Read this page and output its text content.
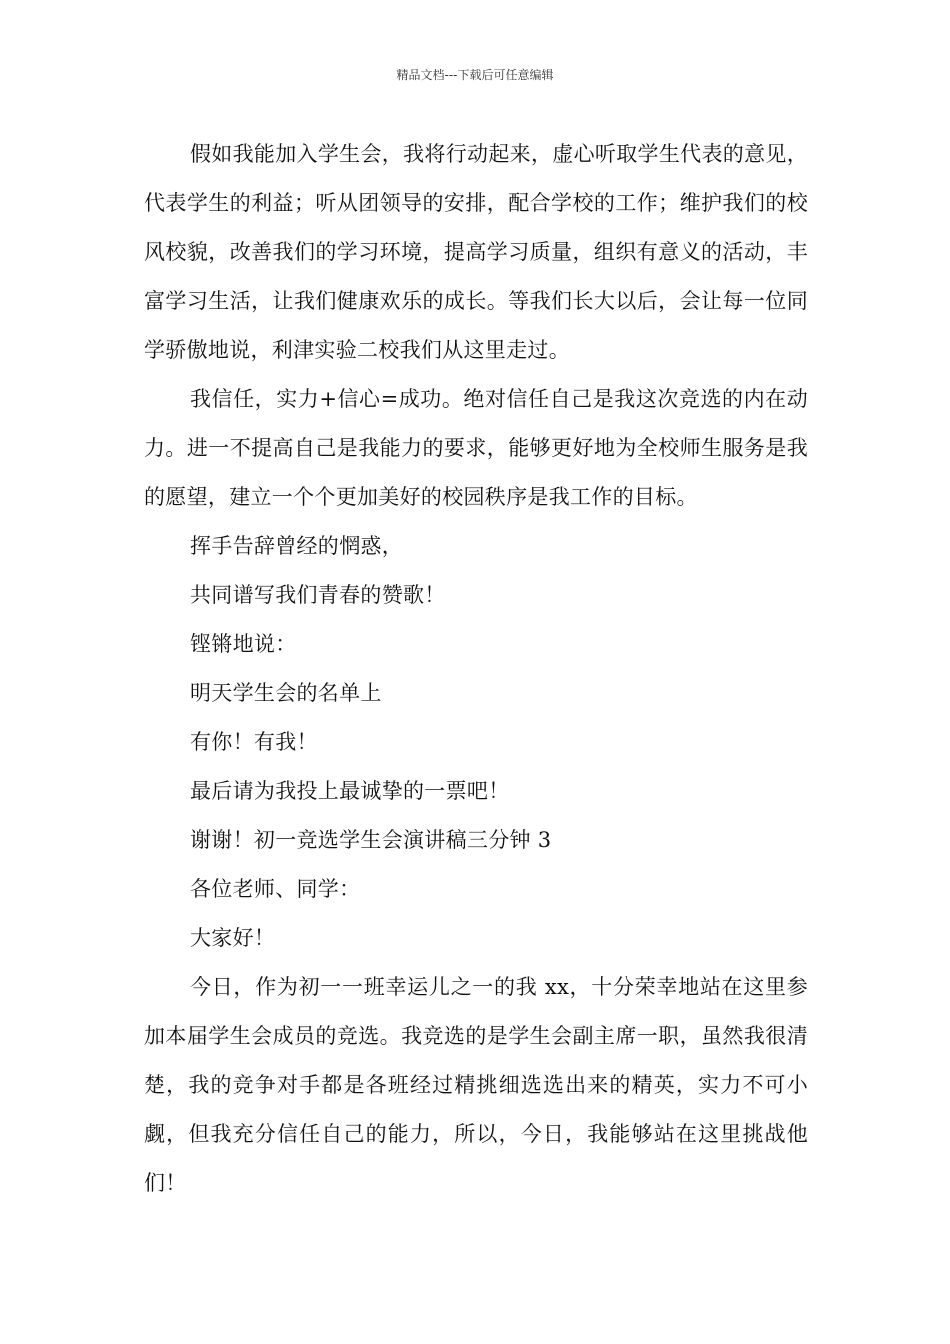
精品文档---下载后可任意编辑

假如我能加入学生会，我将行动起来，虚心听取学生代表的意见，代表学生的利益；听从团领导的安排，配合学校的工作；维护我们的校风校貌，改善我们的学习环境，提高学习质量，组织有意义的活动，丰富学习生活，让我们健康欢乐的成长。等我们长大以后，会让每一位同学骄傲地说，利津实验二校我们从这里走过。

我信任，实力+信心=成功。绝对信任自己是我这次竞选的内在动力。进一不提高自己是我能力的要求，能够更好地为全校师生服务是我的愿望，建立一个个更加美好的校园秩序是我工作的目标。

挥手告辞曾经的惘惑，

共同谱写我们青春的赞歌！

铿锵地说：

明天学生会的名单上

有你！有我！

最后请为我投上最诚挚的一票吧！

谢谢！初一竞选学生会演讲稿三分钟 3

各位老师、同学：

大家好！

今日，作为初一一班幸运儿之一的我 xx，十分荣幸地站在这里参加本届学生会成员的竞选。我竞选的是学生会副主席一职，虽然我很清楚，我的竞争对手都是各班经过精挑细选选出来的精英，实力不可小觑，但我充分信任自己的能力，所以，今日，我能够站在这里挑战他们！
